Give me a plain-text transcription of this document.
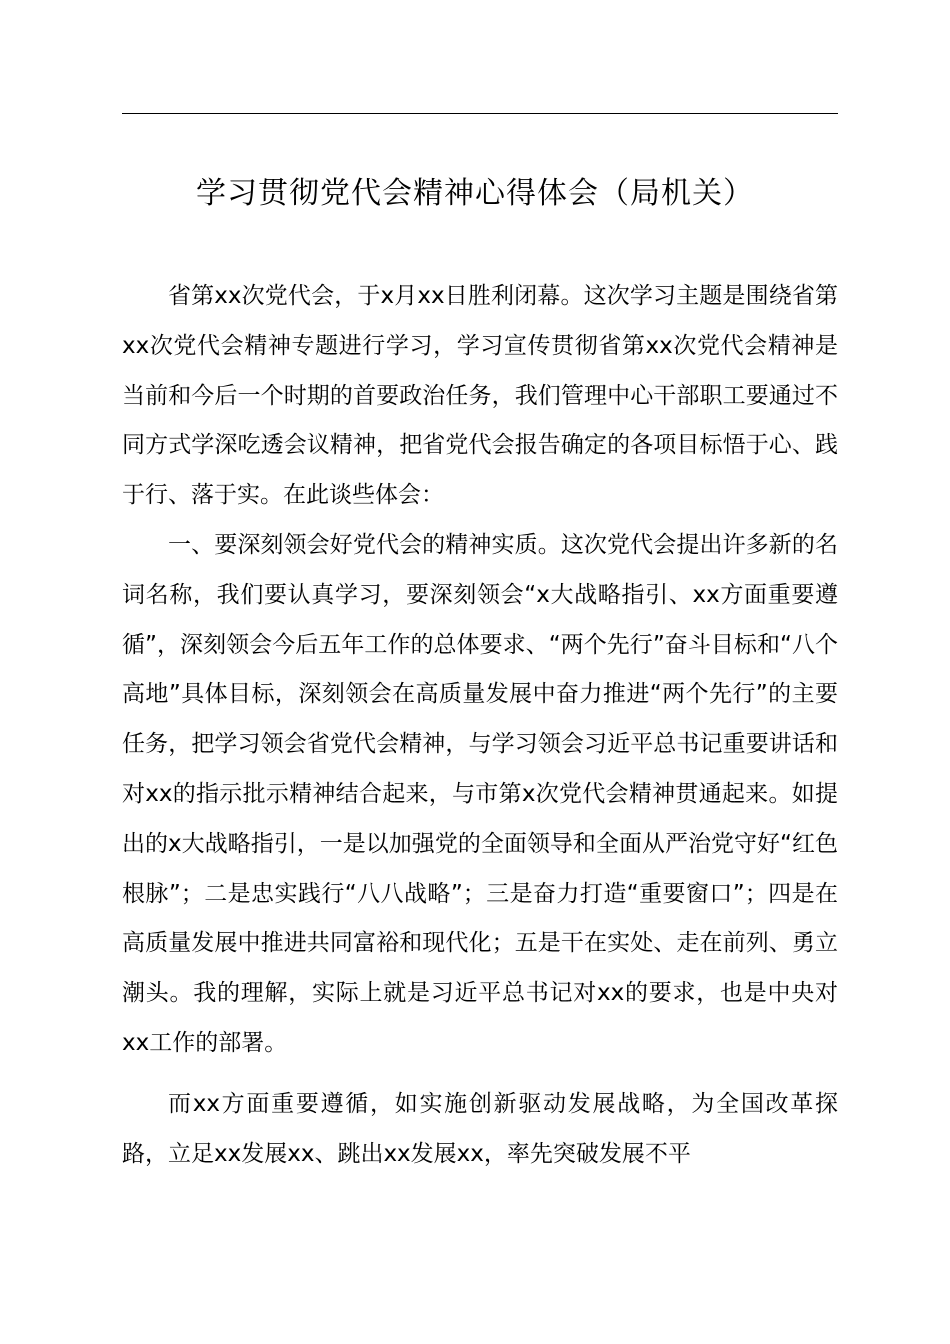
学习贯彻党代会精神心得体会（局机关）

省第xx次党代会，于x月xx日胜利闭幕。这次学习主题是围绕省第xx次党代会精神专题进行学习，学习宣传贯彻省第xx次党代会精神是当前和今后一个时期的首要政治任务，我们管理中心干部职工要通过不同方式学深吃透会议精神，把省党代会报告确定的各项目标悟于心、践于行、落于实。在此谈些体会：

一、要深刻领会好党代会的精神实质。这次党代会提出许多新的名词名称，我们要认真学习，要深刻领会“x大战略指引、xx方面重要遵循”，深刻领会今后五年工作的总体要求、“两个先行”奋斗目标和“八个高地”具体目标，深刻领会在高质量发展中奋力推进“两个先行”的主要任务，把学习领会省党代会精神，与学习领会习近平总书记重要讲话和对xx的指示批示精神结合起来，与市第x次党代会精神贯通起来。如提出的x大战略指引，一是以加强党的全面领导和全面从严治党守好“红色根脉”；二是忠实践行“八八战略”；三是奋力打造“重要窗口”；四是在高质量发展中推进共同富裕和现代化；五是干在实处、走在前列、勇立潮头。我的理解，实际上就是习近平总书记对xx的要求，也是中央对xx工作的部署。

而xx方面重要遵循，如实施创新驱动发展战略，为全国改革探路，立足xx发展xx、跳出xx发展xx，率先突破发展不平
